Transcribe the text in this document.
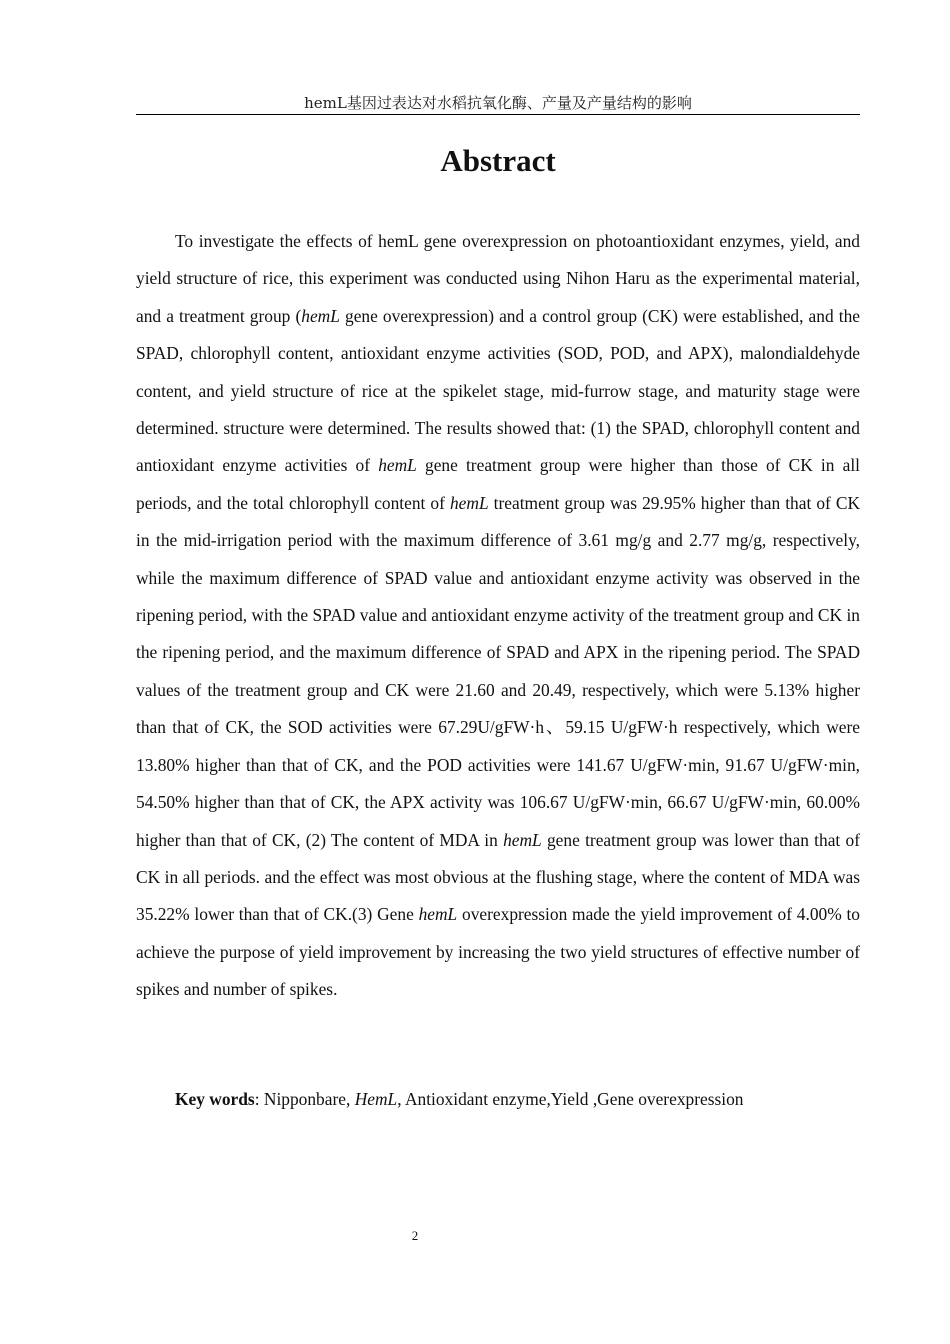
hemL基因过表达对水稻抗氧化酶、产量及产量结构的影响
Abstract

To investigate the effects of hemL gene overexpression on photoantioxidant enzymes, yield, and yield structure of rice, this experiment was conducted using Nihon Haru as the experimental material, and a treatment group (hemL gene overexpression) and a control group (CK) were established, and the SPAD, chlorophyll content, antioxidant enzyme activities (SOD, POD, and APX), malondialdehyde content, and yield structure of rice at the spikelet stage, mid-furrow stage, and maturity stage were determined. structure were determined. The results showed that: (1) the SPAD, chlorophyll content and antioxidant enzyme activities of hemL gene treatment group were higher than those of CK in all periods, and the total chlorophyll content of hemL treatment group was 29.95% higher than that of CK in the mid-irrigation period with the maximum difference of 3.61 mg/g and 2.77 mg/g, respectively, while the maximum difference of SPAD value and antioxidant enzyme activity was observed in the ripening period, with the SPAD value and antioxidant enzyme activity of the treatment group and CK in the ripening period, and the maximum difference of SPAD and APX in the ripening period. The SPAD values of the treatment group and CK were 21.60 and 20.49, respectively, which were 5.13% higher than that of CK, the SOD activities were 67.29U/gFW·h、59.15 U/gFW·h respectively, which were 13.80% higher than that of CK, and the POD activities were 141.67 U/gFW·min, 91.67 U/gFW·min, 54.50% higher than that of CK, the APX activity was 106.67 U/gFW·min, 66.67 U/gFW·min, 60.00% higher than that of CK, (2) The content of MDA in hemL gene treatment group was lower than that of CK in all periods. and the effect was most obvious at the flushing stage, where the content of MDA was 35.22% lower than that of CK.(3) Gene hemL overexpression made the yield improvement of 4.00% to achieve the purpose of yield improvement by increasing the two yield structures of effective number of spikes and number of spikes.

Key words: Nipponbare, HemL, Antioxidant enzyme,Yield ,Gene overexpression

2
